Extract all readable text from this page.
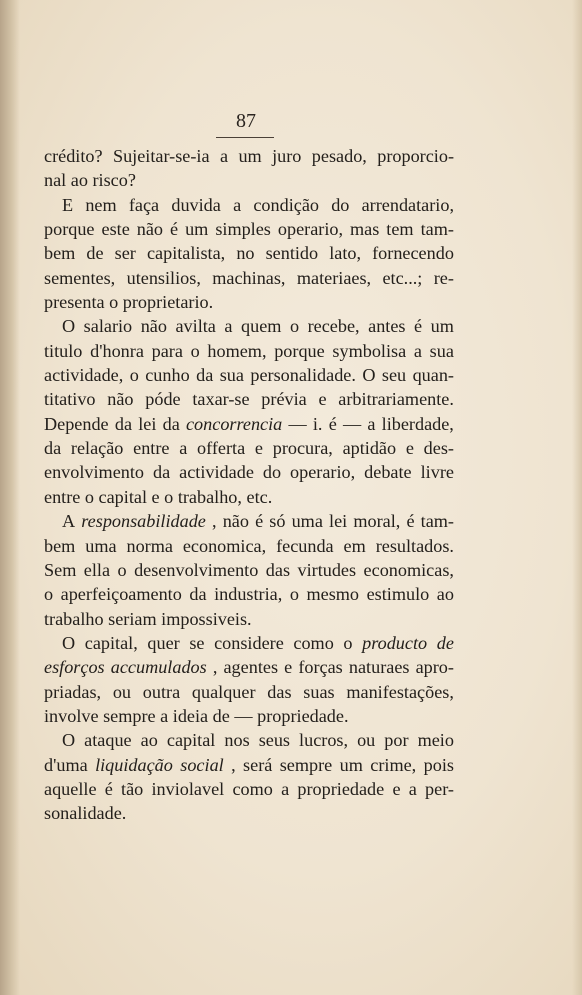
87
crédito? Sujeitar-se-ia a um juro pesado, proporcio-
nal ao risco?
E nem faça duvida a condição do arrendatario,
porque este não é um simples operario, mas tem tam-
bem de ser capitalista, no sentido lato, fornecendo
sementes, utensilios, machinas, materiaes, etc...; re-
presenta o proprietario.
O salario não avilta a quem o recebe, antes é um
titulo d'honra para o homem, porque symbolisa a sua
actividade, o cunho da sua personalidade. O seu quan-
titativo não póde taxar-se prévia e arbitrariamente.
Depende da lei da concorrencia — i. é — a liberdade,
da relação entre a offerta e procura, aptidão e des-
envolvimento da actividade do operario, debate livre
entre o capital e o trabalho, etc.
A responsabilidade , não é só uma lei moral, é tam-
bem uma norma economica, fecunda em resultados.
Sem ella o desenvolvimento das virtudes economicas,
o aperfeiçoamento da industria, o mesmo estimulo ao
trabalho seriam impossiveis.
O capital, quer se considere como o producto de
esforços accumulados , agentes e forças naturaes apro-
priadas, ou outra qualquer das suas manifestações,
involve sempre a ideia de — propriedade.
O ataque ao capital nos seus lucros, ou por meio
d'uma liquidação social , será sempre um crime, pois
aquelle é tão inviolavel como a propriedade e a per-
sonalidade.
